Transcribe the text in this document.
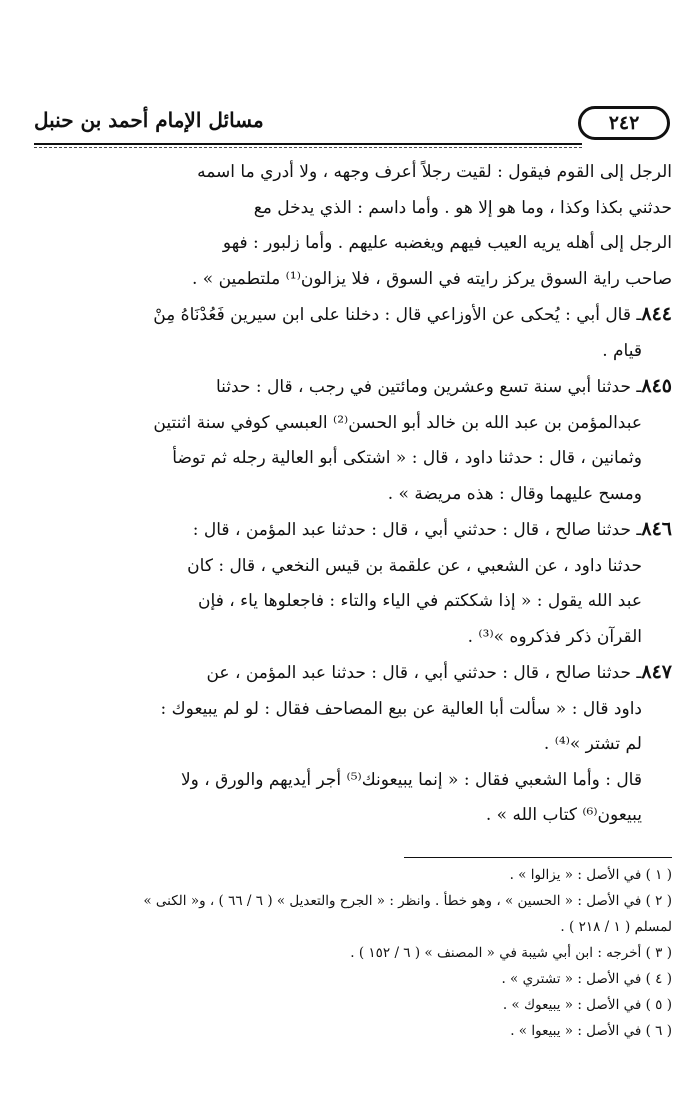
٢٤٢
مسائل الإمام أحمد بن حنبل

الرجل إلى القوم فيقول : لقيت رجلاً أعرف وجهه ، ولا أدري ما اسمه
حدثني بكذا وكذا ، وما هو إلا هو . وأما داسم : الذي يدخل مع
الرجل إلى أهله يريه العيب فيهم ويغضبه عليهم . وأما زلبور : فهو
صاحب راية السوق يركز رايته في السوق ، فلا يزالون⁽¹⁾ ملتطمين » .

٨٤٤ـ قال أبي : يُحكى عن الأوزاعي قال : دخلنا على ابن سيرين فَعُدْنَاهُ مِنْ
قيام .

٨٤٥ـ حدثنا أبي سنة تسع وعشرين ومائتين في رجب ، قال : حدثنا
عبدالمؤمن بن عبد الله بن خالد أبو الحسن⁽²⁾ العبسي كوفي سنة اثنتين
وثمانين ، قال : حدثنا داود ، قال : « اشتكى أبو العالية رجله ثم توضأ
ومسح عليهما وقال : هذه مريضة » .

٨٤٦ـ حدثنا صالح ، قال : حدثني أبي ، قال : حدثنا عبد المؤمن ، قال :
حدثنا داود ، عن الشعبي ، عن علقمة بن قيس النخعي ، قال : كان
عبد الله يقول : « إذا شككتم في الياء والتاء : فاجعلوها ياء ، فإن
القرآن ذكر فذكروه »⁽³⁾ .

٨٤٧ـ حدثنا صالح ، قال : حدثني أبي ، قال : حدثنا عبد المؤمن ، عن
داود قال : « سألت أبا العالية عن بيع المصاحف فقال : لو لم يبيعوك :
لم تشتر »⁽⁴⁾ .
قال : وأما الشعبي فقال : « إنما يبيعونك⁽⁵⁾ أجر أيديهم والورق ، ولا
يبيعون⁽⁶⁾ كتاب الله » .

( ١ ) في الأصل : « يزالوا » .

( ٢ ) في الأصل : « الحسين » ، وهو خطأ . وانظر : « الجرح والتعديل » ( ٦ / ٦٦ ) ، و« الكنى »

لمسلم ( ١ / ٢١٨ ) .

( ٣ ) أخرجه : ابن أبي شيبة في « المصنف » ( ٦ / ١٥٢ ) .

( ٤ ) في الأصل : « تشتري » .

( ٥ ) في الأصل : « يبيعوك » .

( ٦ ) في الأصل : « يبيعوا » .
